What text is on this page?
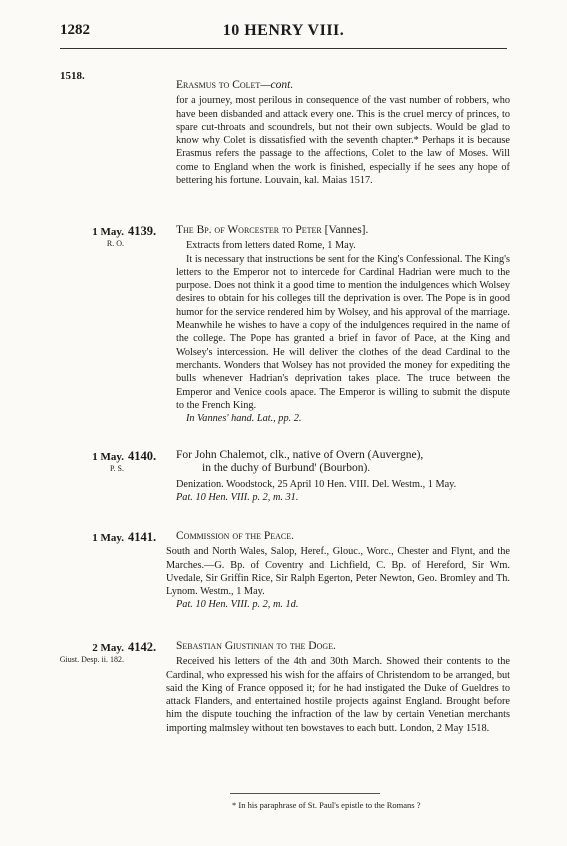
1282	10 HENRY VIII.
1518.

Erasmus to Colet—cont.

for a journey, most perilous in consequence of the vast number of robbers, who have been disbanded and attack every one. This is the cruel mercy of princes, to spare cut-throats and scoundrels, but not their own subjects. Would be glad to know why Colet is dissatisfied with the seventh chapter.* Perhaps it is because Erasmus refers the passage to the affections, Colet to the law of Moses. Will come to England when the work is finished, especially if he sees any hope of bettering his fortune. Louvain, kal. Maias 1517.

1 May.
R. O.
4139.	The Bp. of Worcester to Peter [Vannes].

Extracts from letters dated Rome, 1 May.

It is necessary that instructions be sent for the King's Confessional. The King's letters to the Emperor not to intercede for Cardinal Hadrian were much to the purpose. Does not think it a good time to mention the indulgences which Wolsey desires to obtain for his colleges till the deprivation is over. The Pope is in good humor for the service rendered him by Wolsey, and his approval of the marriage. Meanwhile he wishes to have a copy of the indulgences required in the name of the college. The Pope has granted a brief in favor of Pace, at the King and Wolsey's intercession. He will deliver the clothes of the dead Cardinal to the merchants. Wonders that Wolsey has not provided the money for expediting the bulls whenever Hadrian's deprivation takes place. The truce between the Emperor and Venice cools apace. The Emperor is willing to submit the dispute to the French King.

In Vannes' hand. Lat., pp. 2.

1 May.
P. S.
4140.	For John Chalemot, clk., native of Overn (Auvergne),

in the duchy of Burbund' (Bourbon).

Denization. Woodstock, 25 April 10 Hen. VIII. Del. Westm., 1 May.

Pat. 10 Hen. VIII. p. 2, m. 31.

1 May. 4141.	Commission of the Peace.

South and North Wales, Salop, Heref., Glouc., Worc., Chester and Flynt, and the Marches.—G. Bp. of Coventry and Lichfield, C. Bp. of Hereford, Sir Wm. Uvedale, Sir Griffin Rice, Sir Ralph Egerton, Peter Newton, Geo. Bromley and Th. Lynom. Westm., 1 May.

Pat. 10 Hen. VIII. p. 2, m. 1d.

2 May.
Giust. Desp. ii. 182.
4142.	Sebastian Giustinian to the Doge.

Received his letters of the 4th and 30th March. Showed their contents to the Cardinal, who expressed his wish for the affairs of Christendom to be arranged, but said the King of France opposed it; for he had instigated the Duke of Gueldres to attack Flanders, and entertained hostile projects against England. Brought before him the dispute touching the infraction of the law by certain Venetian merchants importing malmsley without ten bowstaves to each butt. London, 2 May 1518.

* In his paraphrase of St. Paul's epistle to the Romans ?
